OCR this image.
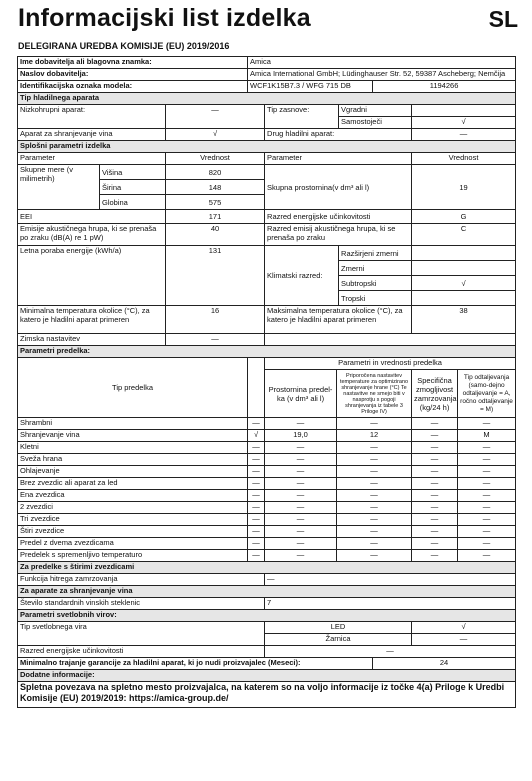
Informacijski list izdelka	SL
DELEGIRANA UREDBA KOMISIJE (EU) 2019/2016
Ime dobavitelja ali blagovna znamka:			Amica						
Naslov dobavitelja:			Amica International GmbH; Lüdinghauser Str. 52, 59387 Ascheberg; Nemčija						
Identifikacijska oznaka modela:			WCF1K15B7.3 / WFG 715 DB				1194266		
Tip hladilnega aparata									
Nizkohrupni aparat:		—		Tip zasnove:		Vgradni			
						Samostoječi		√	
Aparat za shranjevanje vina		√		Drug hladilni aparat:				—	
Splošni parametri izdelka									
Parameter		Vrednost		Parameter				Vrednost	
Skupne mere (v milimetrih)	Višina	820		Skupna prostornina(v dm³ ali l)				19	
	Širina	148							
	Globina	575							
EEI		171		Razred energijske učinkovitosti				G	
Emisije akustičnega hrupa, ki se prenaša po zraku (dB(A) re 1 pW)		40		Razred emisij akustičnega hrupa, ki se prenaša po zraku				C	
Letna poraba energije (kWh/a)		131		Klimatski razred:		Razširjeni zmerni			
						Zmerni			
						Subtropski		√	
						Tropski			
Minimalna temperatura okolice (°C), za katero je hladilni aparat primeren		16		Maksimalna temperatura okolice (°C), za katero je hladilni aparat primeren				38	
Zimska nastavitev		—							
Parametri predelka:									
Tip predelka				Parametri in vrednosti predelka					
				Prostornina predel-ka (v dm³ ali l)	Priporočena nastavitev temperature za optimizirano shranjevanje hrane (°C) Te nastavitve ne smejo biti v nasprotju s pogoji shranjevanja iz tabele 3 Priloge IV)			Specifična zmogljivost zamrzovanja (kg/24 h)	Tip odtaljevanja (samo-dejno odtaljevanje = A, ročno odtaljevanje = M)
Shrambni			—	—	—			—	—
Shranjevanje vina			√	19,0	12			—	M
Kletni			—	—	—			—	—
Sveža hrana			—	—	—			—	—
Ohlajevanje			—	—	—			—	—
Brez zvezdic ali aparat za led			—	—	—			—	—
Ena zvezdica			—	—	—			—	—
2 zvezdici			—	—	—			—	—
Tri zvezdice			—	—	—			—	—
Štiri zvezdice			—	—	—			—	—
Predel z dvema zvezdicama			—	—	—			—	—
Predelek s spremenljivo temperaturo			—	—	—			—	—
Za predelke s štirimi zvezdicami									
Funkcija hitrega zamrzovanja				—					
Za aparate za shranjevanje vina									
Število standardnih vinskih steklenic				7					
Parametri svetlobnih virov:									
Tip svetlobnega vira				LED				√	
				Žarnica				—	
Razred energijske učinkovitosti				—					
Minimalno trajanje garancije za hladilni aparat, ki jo nudi proizvajalec (Meseci):							24		
Dodatne informacije:									
Spletna povezava na spletno mesto proizvajalca, na katerem so na voljo informacije iz točke 4(a) Priloge k Uredbi Komisije (EU) 2019/2019: https://amica-group.de/									
